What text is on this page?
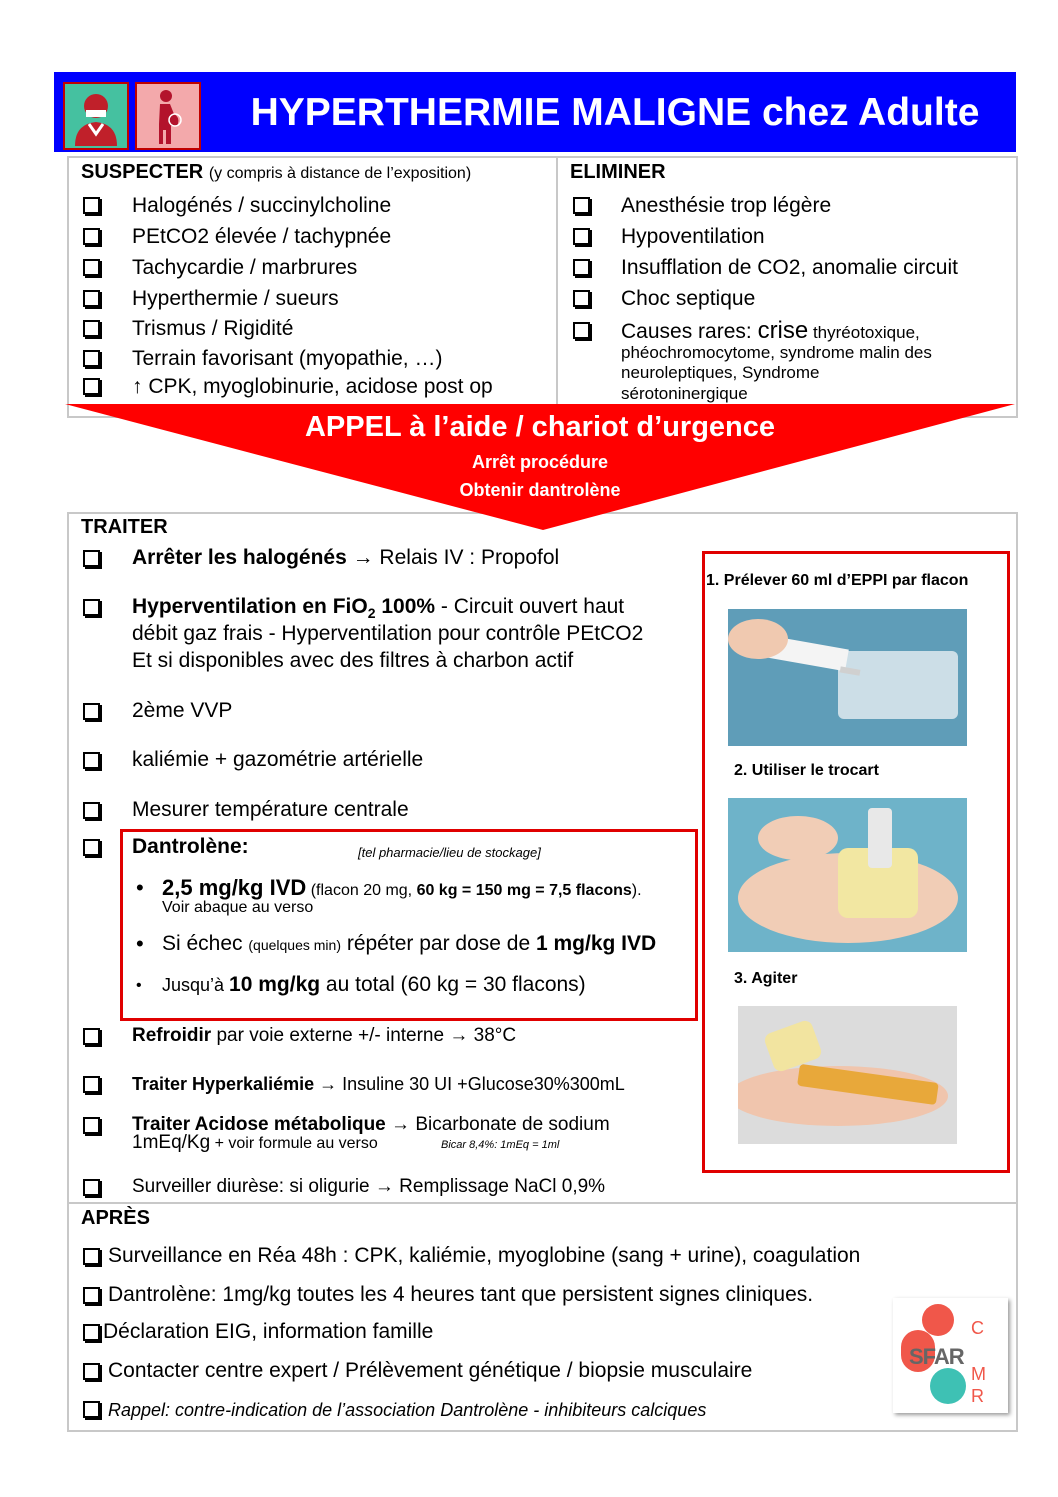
HYPERTHERMIE MALIGNE chez Adulte
SUSPECTER (y compris à distance de l’exposition)
Halogénés / succinylcholine
PEtCO2 élevée / tachypnée
Tachycardie / marbrures
Hyperthermie / sueurs
Trismus / Rigidité
Terrain favorisant (myopathie, …)
↑ CPK, myoglobinurie, acidose post op
ELIMINER
Anesthésie trop légère
Hypoventilation
Insufflation de CO2, anomalie circuit
Choc septique
Causes rares: crise thyréotoxique,
phéochromocytome, syndrome malin des
neuroleptiques, Syndrome
sérotoninergique
APPEL à l’aide / chariot d’urgence
Arrêt procédure
Obtenir dantrolène
TRAITER
Arrêter les halogénés → Relais IV : Propofol
Hyperventilation en FiO$_2$ 100% - Circuit ouvert haut
débit gaz frais - Hyperventilation pour contrôle PEtCO2
Et si disponibles avec des filtres à charbon actif
2ème VVP
kaliémie + gazométrie artérielle
Mesurer température centrale
Dantrolène:	[tel pharmacie/lieu de stockage]
• 2,5 mg/kg IVD (flacon 20 mg, 60 kg = 150 mg = 7,5 flacons).
Voir abaque au verso
• Si échec (quelques min) répéter par dose de 1 mg/kg IVD
• Jusqu’à 10 mg/kg au total (60 kg = 30 flacons)
Refroidir par voie externe +/- interne → 38°C
Traiter Hyperkaliémie → Insuline 30 UI +Glucose30%300mL
Traiter Acidose métabolique → Bicarbonate de sodium
1mEq/Kg + voir formule au verso	Bicar 8,4%: 1mEq = 1ml
Surveiller diurèse: si oligurie → Remplissage NaCl 0,9%
1. Prélever 60 ml d’EPPI par flacon
2. Utiliser le trocart
3. Agiter
APRÈS
Surveillance en Réa 48h : CPK, kaliémie, myoglobine (sang + urine), coagulation
Dantrolène: 1mg/kg toutes les 4 heures tant que persistent signes cliniques.
Déclaration EIG, information famille
Contacter centre expert / Prélèvement génétique / biopsie musculaire
Rappel: contre-indication de l’association Dantrolène - inhibiteurs calciques
SFAR
C
M
R
